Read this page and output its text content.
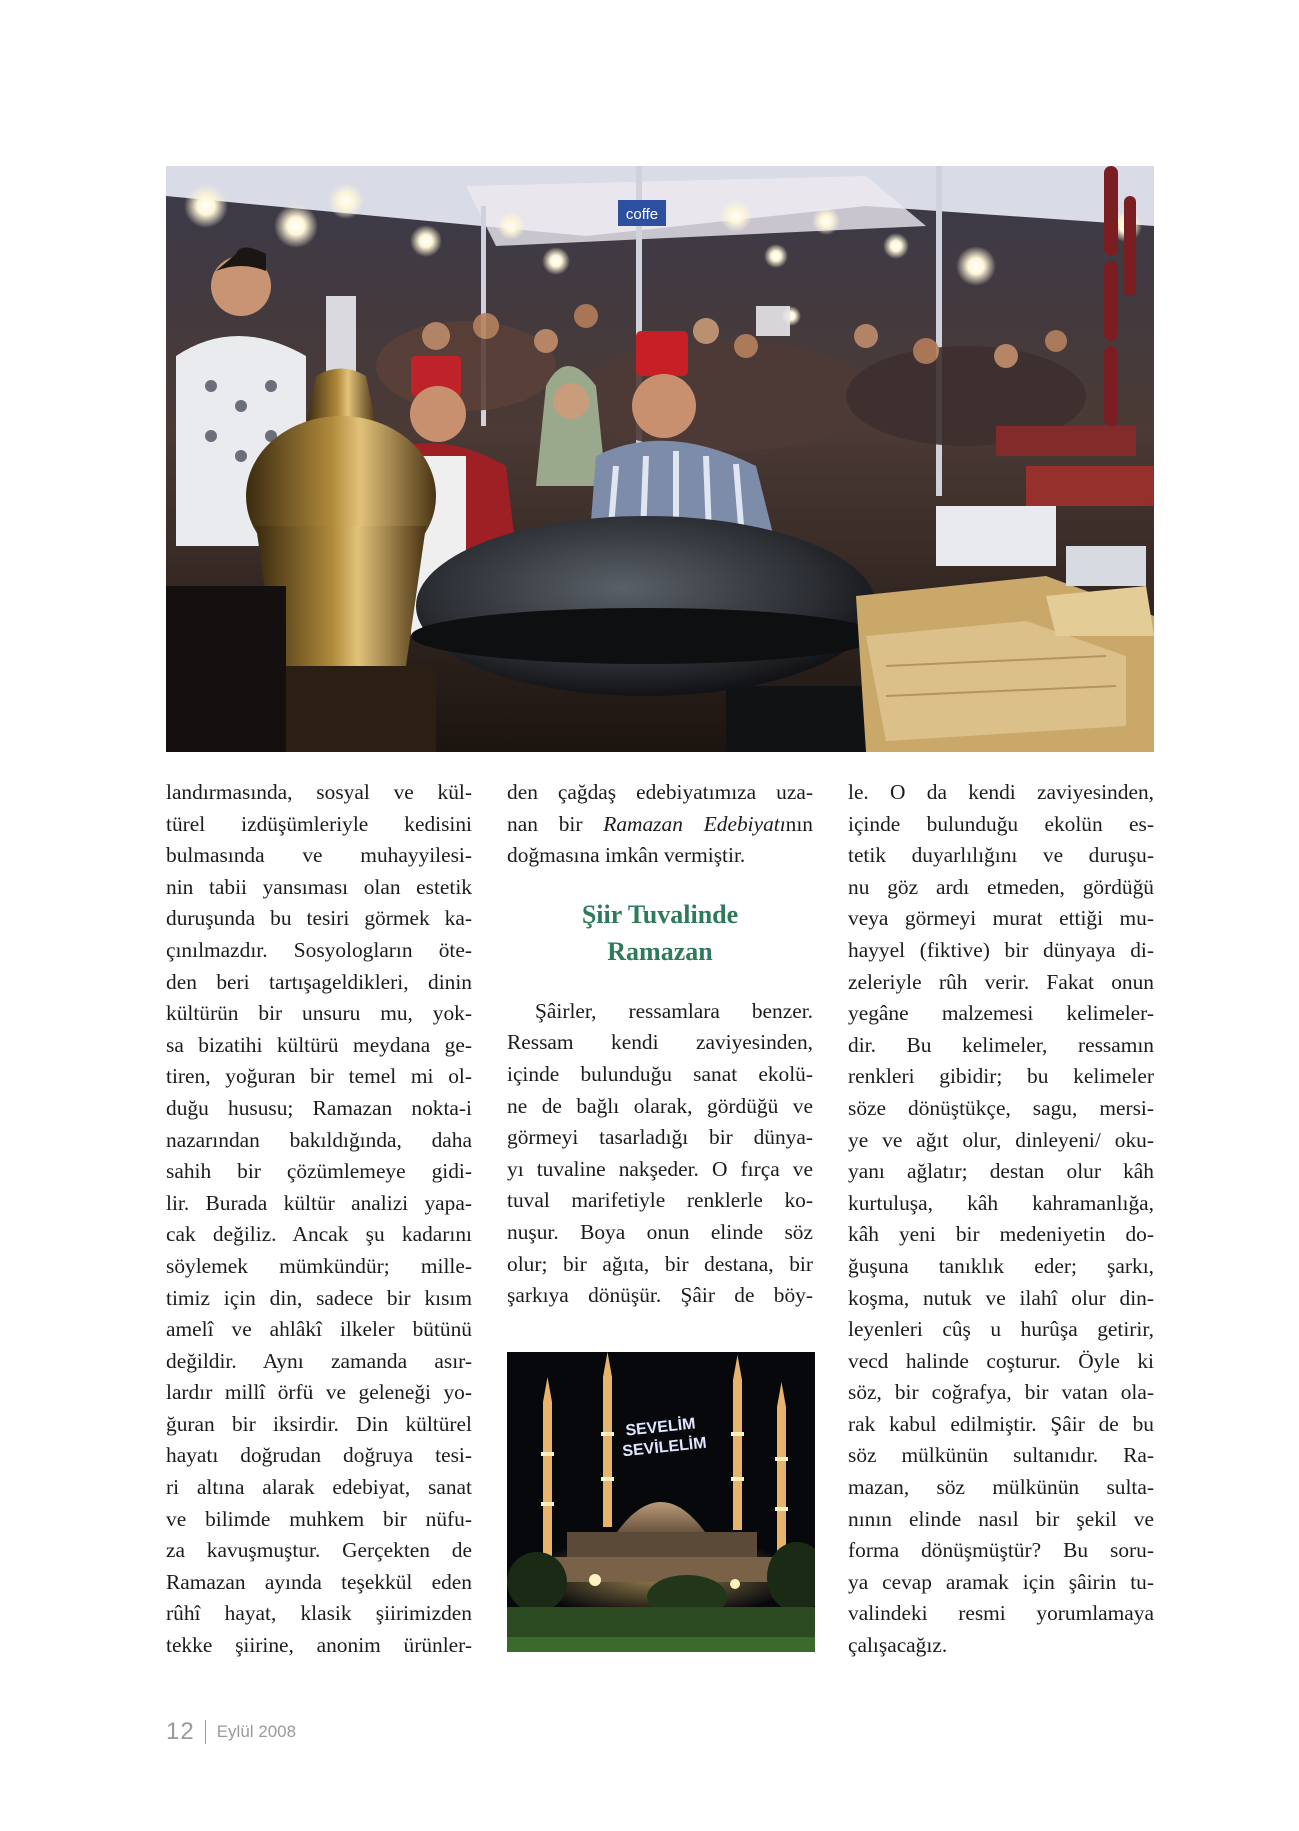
coffe

landırmasında, sosyal ve kül-
türel izdüşümleriyle kedisini
bulmasında ve muhayyilesi-
nin tabii yansıması olan estetik
duruşunda bu tesiri görmek ka-
çınılmazdır. Sosyologların öte-
den beri tartışageldikleri, dinin
kültürün bir unsuru mu, yok-
sa bizatihi kültürü meydana ge-
tiren, yoğuran bir temel mi ol-
duğu hususu; Ramazan nokta-i
nazarından bakıldığında, daha
sahih bir çözümlemeye gidi-
lir. Burada kültür analizi yapa-
cak değiliz. Ancak şu kadarını
söylemek mümkündür; mille-
timiz için din, sadece bir kısım
amelî ve ahlâkî ilkeler bütünü
değildir. Aynı zamanda asır-
lardır millî örfü ve geleneği yo-
ğuran bir iksirdir. Din kültürel
hayatı doğrudan doğruya tesi-
ri altına alarak edebiyat, sanat
ve bilimde muhkem bir nüfu-
za kavuşmuştur. Gerçekten de
Ramazan ayında teşekkül eden
rûhî hayat, klasik şiirimizden
tekke şiirine, anonim ürünler-

den çağdaş edebiyatımıza uza-
nan bir Ramazan Edebiyatının
doğmasına imkân vermiştir.

Şiir Tuvalinde
Ramazan

Şâirler, ressamlara benzer.
Ressam kendi zaviyesinden,
içinde bulunduğu sanat ekolü-
ne de bağlı olarak, gördüğü ve
görmeyi tasarladığı bir dünya-
yı tuvaline nakşeder. O fırça ve
tuval marifetiyle renklerle ko-
nuşur. Boya onun elinde söz
olur; bir ağıta, bir destana, bir
şarkıya dönüşür. Şâir de böy-

SEVELİM
SEVİLELİM

le. O da kendi zaviyesinden,
içinde bulunduğu ekolün es-
tetik duyarlılığını ve duruşu-
nu göz ardı etmeden, gördüğü
veya görmeyi murat ettiği mu-
hayyel (fiktive) bir dünyaya di-
zeleriyle rûh verir. Fakat onun
yegâne malzemesi kelimeler-
dir. Bu kelimeler, ressamın
renkleri gibidir; bu kelimeler
söze dönüştükçe, sagu, mersi-
ye ve ağıt olur, dinleyeni/ oku-
yanı ağlatır; destan olur kâh
kurtuluşa, kâh kahramanlığa,
kâh yeni bir medeniyetin do-
ğuşuna tanıklık eder; şarkı,
koşma, nutuk ve ilahî olur din-
leyenleri cûş u hurûşa getirir,
vecd halinde coşturur. Öyle ki
söz, bir coğrafya, bir vatan ola-
rak kabul edilmiştir. Şâir de bu
söz mülkünün sultanıdır. Ra-
mazan, söz mülkünün sulta-
nının elinde nasıl bir şekil ve
forma dönüşmüştür? Bu soru-
ya cevap aramak için şâirin tu-
valindeki resmi yorumlamaya
çalışacağız.

12 Eylül 2008
